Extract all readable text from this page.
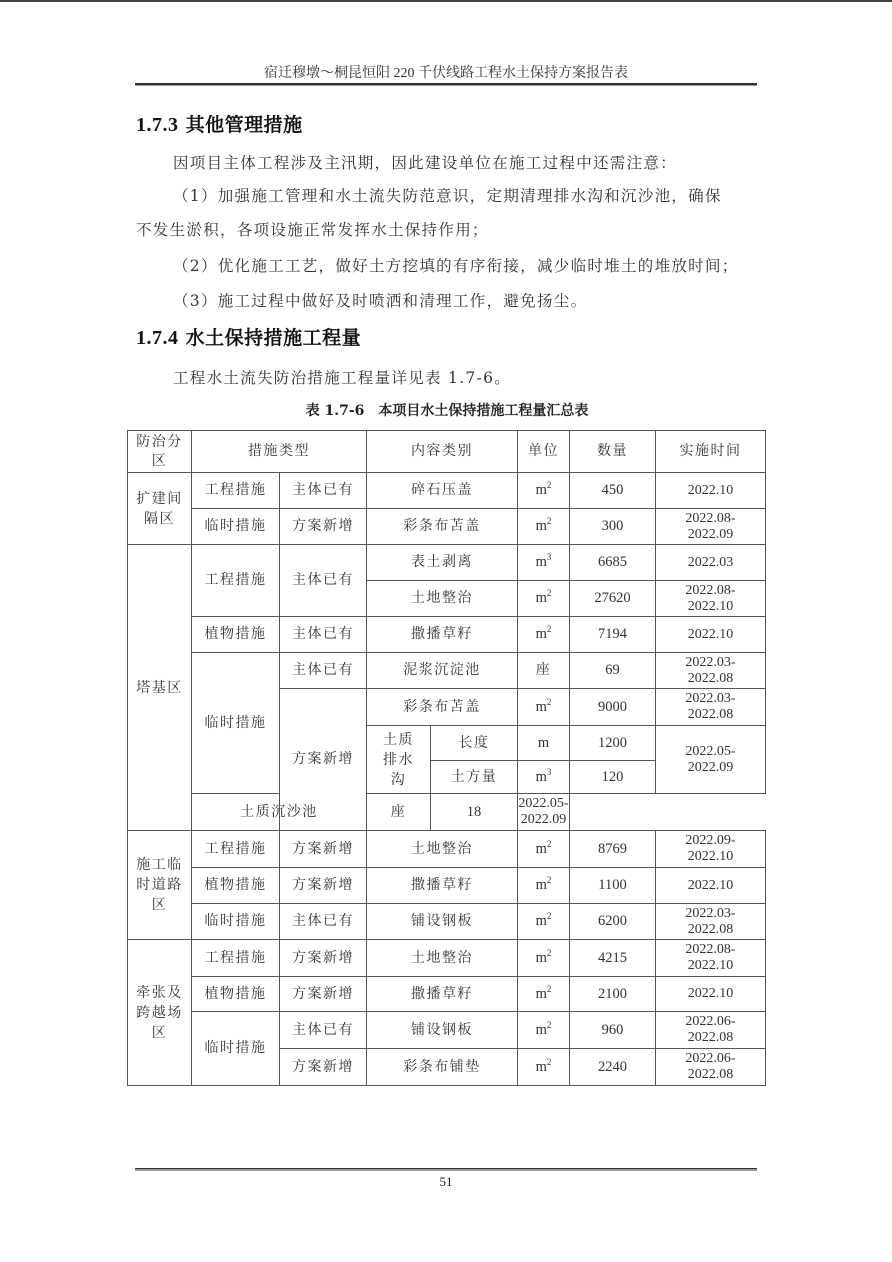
宿迁穆墩～桐昆恒阳 220 千伏线路工程水土保持方案报告表
1.7.3 其他管理措施
因项目主体工程涉及主汛期，因此建设单位在施工过程中还需注意：
（1）加强施工管理和水土流失防范意识，定期清理排水沟和沉沙池，确保
不发生淤积，各项设施正常发挥水土保持作用；
（2）优化施工工艺，做好土方挖填的有序衔接，减少临时堆土的堆放时间；
（3）施工过程中做好及时喷洒和清理工作，避免扬尘。
1.7.4 水土保持措施工程量
工程水土流失防治措施工程量详见表 1.7-6。
表 1.7-6　本项目水土保持措施工程量汇总表
防治分区	措施类型		内容类别		单位	数量	实施时间
扩建间隔区	工程措施	主体已有	碎石压盖		$m^2$	450	2022.10
	临时措施	方案新增	彩条布苫盖		$m^2$	300	2022.08-
2022.09
塔基区	工程措施	主体已有	表土剥离		$m^3$	6685	2022.03
			土地整治		$m^2$	27620	2022.08-
2022.10
	植物措施	主体已有	撒播草籽		$m^2$	7194	2022.10
	临时措施	主体已有	泥浆沉淀池		座	69	2022.03-
2022.08
		方案新增	彩条布苫盖		$m^2$	9000	2022.03-
2022.08
			土质排水沟	长度	m	1200	2022.05-
2022.09
				土方量	$m^3$	120	
	土质沉沙池		座	18	2022.05-
2022.09		
施工临时道路区	工程措施	方案新增	土地整治		$m^2$	8769	2022.09-
2022.10
	植物措施	方案新增	撒播草籽		$m^2$	1100	2022.10
	临时措施	主体已有	铺设钢板		$m^2$	6200	2022.03-
2022.08
牵张及跨越场区	工程措施	方案新增	土地整治		$m^2$	4215	2022.08-
2022.10
	植物措施	方案新增	撒播草籽		$m^2$	2100	2022.10
	临时措施	主体已有	铺设钢板		$m^2$	960	2022.06-
2022.08
		方案新增	彩条布铺垫		$m^2$	2240	2022.06-
2022.08
51
